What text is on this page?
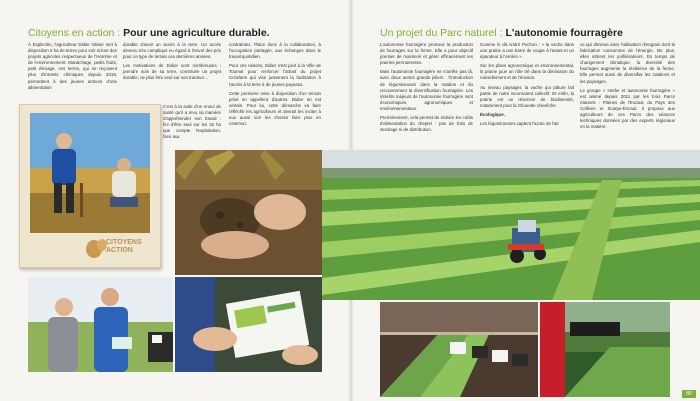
Citoyens en action : Pour une agriculture durable.

À Esplechin, l'agriculteur Didier Olivier met à disposition 6 ha de terres pour voir éclore des projets agricoles respectueux de l'Homme et de l'environnement. Maraichage, petits fruits, petit élevage, ces terres, qui ne reçoivent plus d'intrants chimiques depuis 2018, permettent à des jeunes acteurs d'une alimentation

durable d'avoir un accès à la terre. Un accès devenu très compliqué eu égard à l'envol des prix pour ce type de terrain ces dernières années.

Les motivations de Didier sont nombreuses : prendre soin de sa terre, construire un projet durable, ne plus être seul sur son tracteur…

C'est à la suite d'un ennui de santé qu'il a revu sa manière d'appréhender son travail : fini d'être seul sur les 32 ha que compte l'exploitation, face aux

contraintes. Place donc à la collaboration, à l'occupation partagée, aux échanges dans le travail quotidien.

Pour ces raisons, Didier s'est joint à la Ville de Tournai pour renforcer l'attrait du projet Créafarm qui vise justement la facilitation à l'accès à la terre à de jeunes paysans.

Cette première mise à disposition d'un terrain privé en appellera d'autres. Didier en est certain. Pour lui, cette démarche va faire réfléchir les agriculteurs et devrait les inciter à eux aussi voir les choses bien plus en commun.

CITOYENS
ACTION
Un projet du Parc naturel : L'autonomie fourragère

L'autonomie fourragère promeut la production de fourrages sur la ferme. Elle a pour objectif premier de maintenir et gérer efficacement les prairies permanentes.

Mais l'autonomie fourragère ne s'arrête pas là, avec deux autres grands piliers : l'introduction de légumineuses dans la rotation et du recouvrement la diversification fourragère. Les intérêts majeurs de l'autonomie fourragère sont économiques, agronomiques et environnementaux.

Premièrement, cela permet de réduire les coûts d'alimentation du cheptel : pas de frais de stockage ni de distribution.

Comme le dit André Pochon : « la vache dans une prairie a une barre de coupe à l'avant et un épandeur à l'arrière ».

Sur les plans agronomique et environnemental, la prairie joue un rôle clé dans la diminution du ruissellement et de l'érosion.

Au niveau paysager, la vache qui pâture fait partie de notre inconscient collectif. Et enfin, la prairie est un réservoir de biodiversité, notamment pour la Chouette chevêche.

Écologique.

Les légumineuses captent l'azote de l'air

ce qui diminue ainsi l'utilisation d'engrais dont la fabrication consomme de l'énergie. De plus, elles attirent les pollinisateurs. En temps de changement climatique, la diversité des fourrages augmente la résilience de la ferme. Elle permet aussi de diversifier les rotations et les paysages.

Le groupe « Herbe et autonomie fourragère » est animé depuis 2011 par les trois Parcs naturels : Plaines de l'Escaut, du Pays des Collines et Scarpe-Escaut. Il propose aux agriculteurs de ces Parcs des séances techniques données par des experts régionaux en la matière.

80
